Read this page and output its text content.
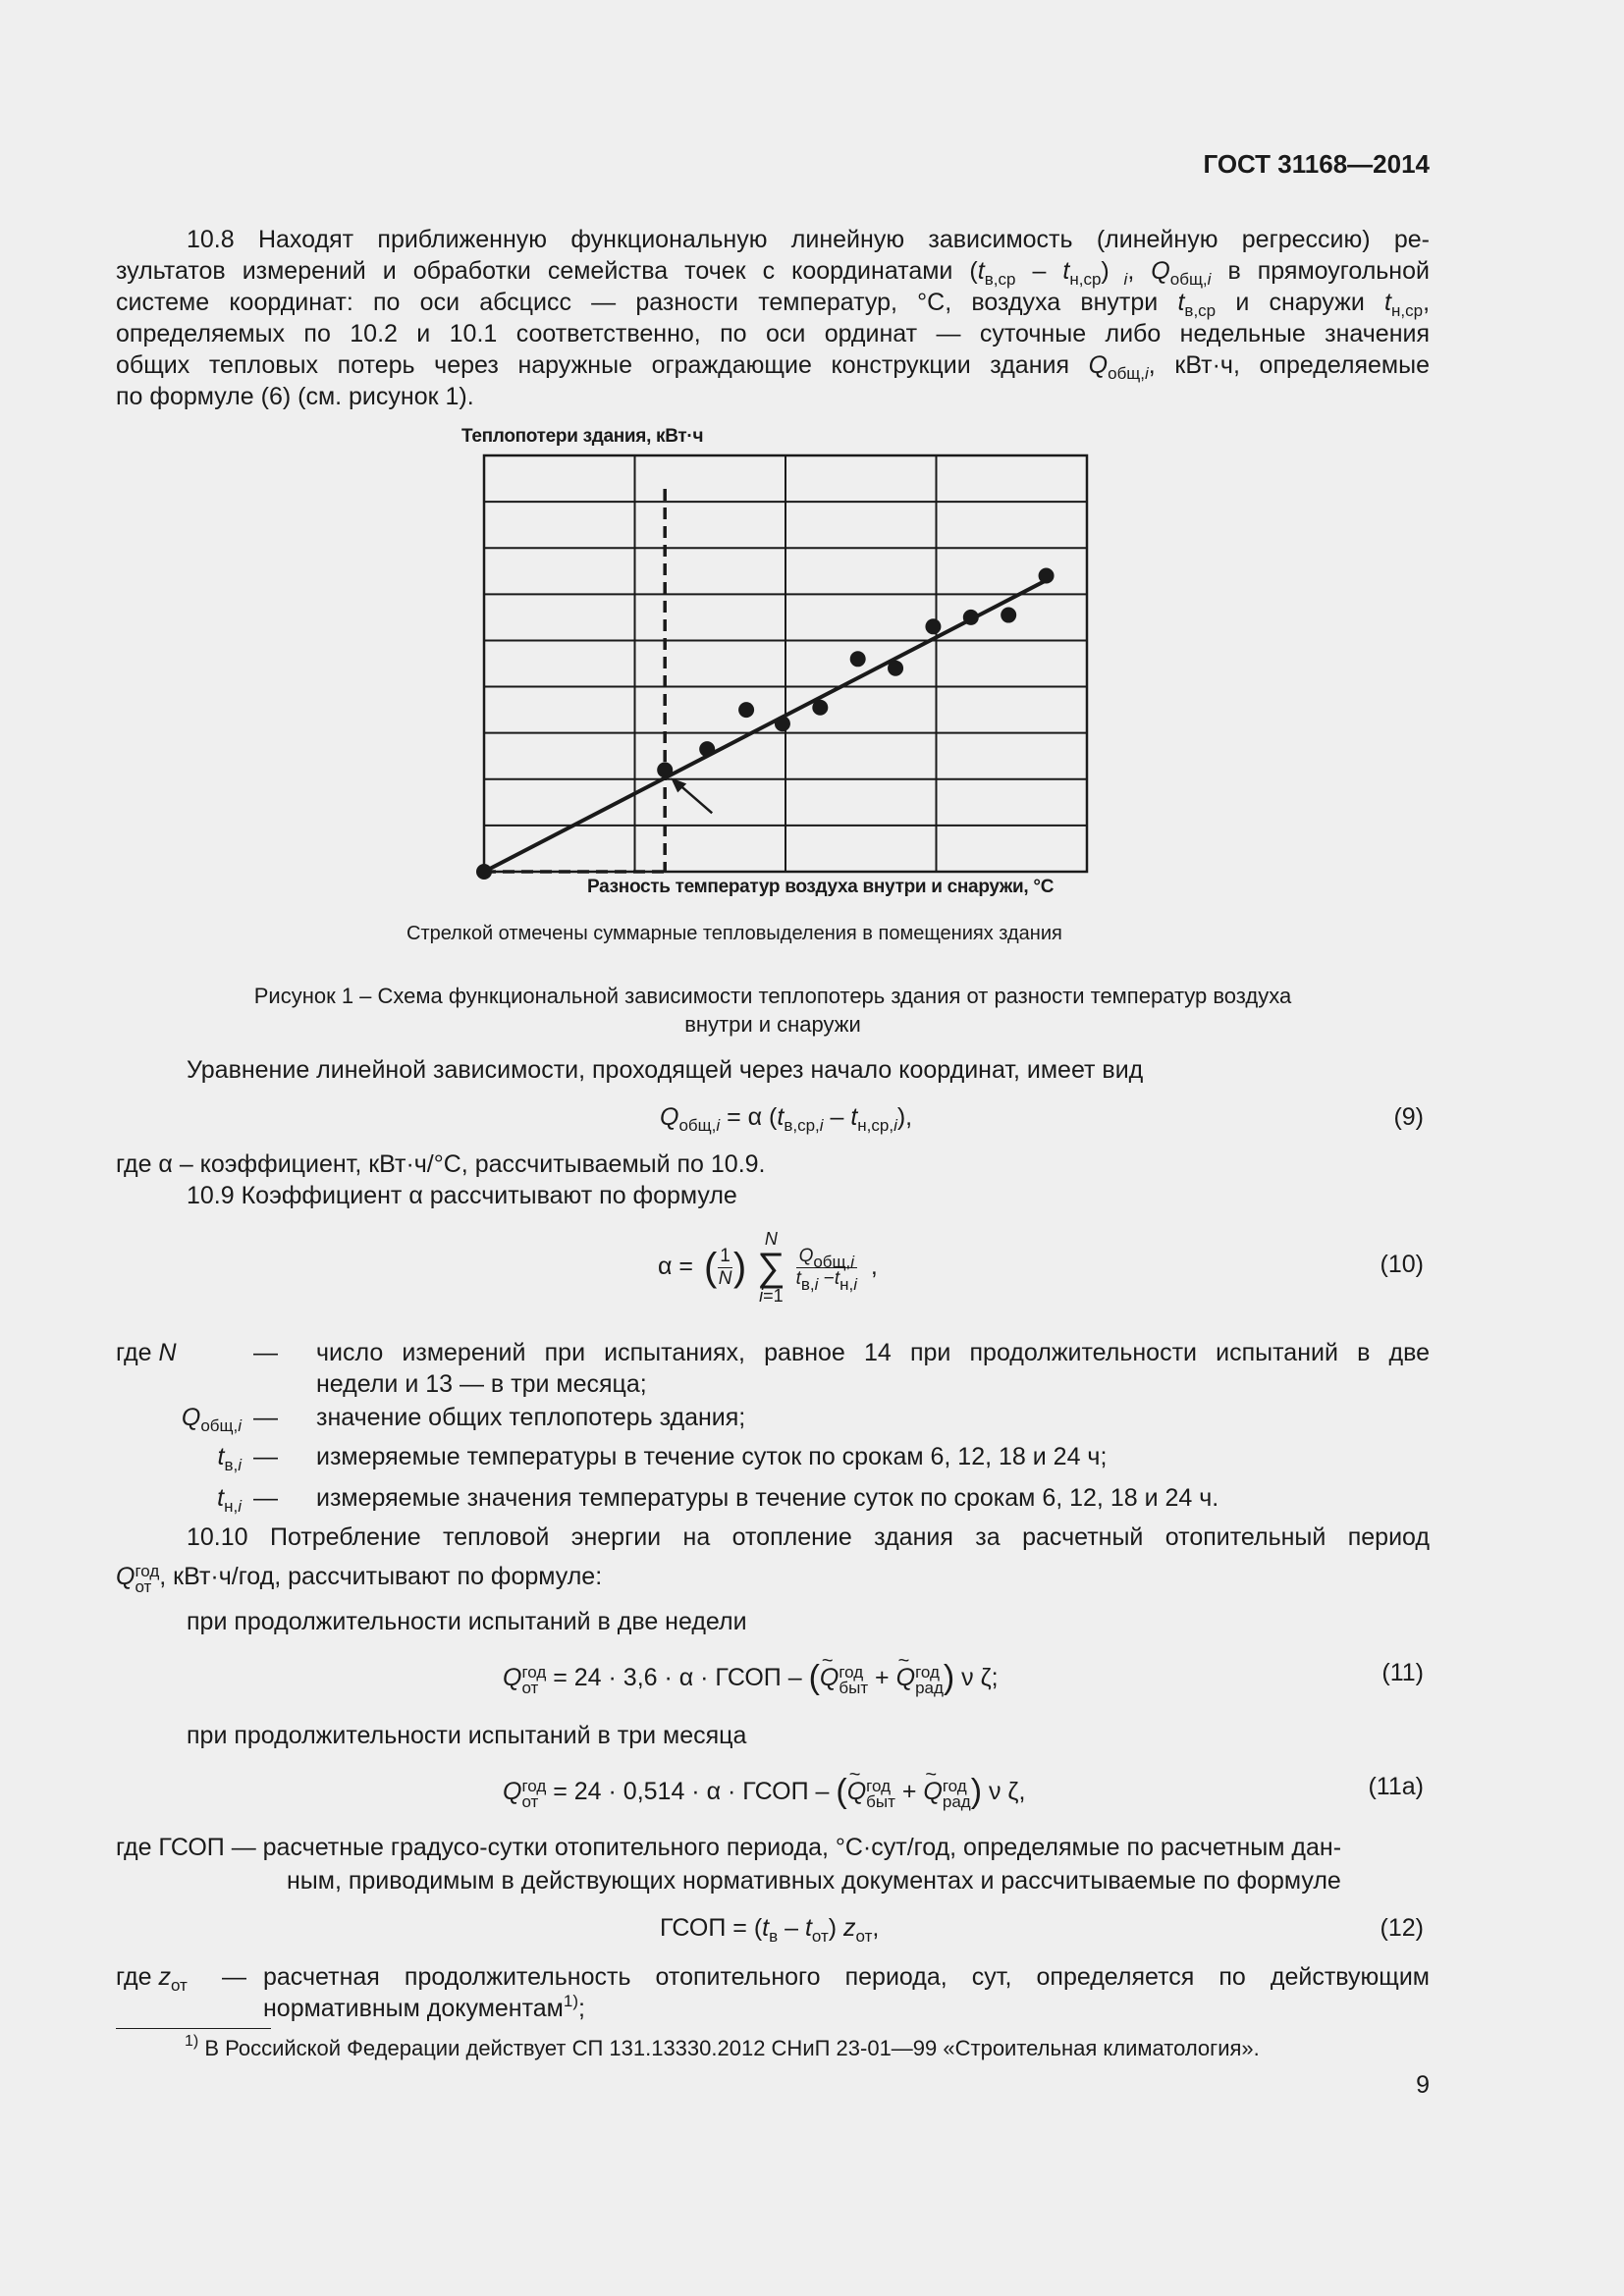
ГОСТ 31168—2014
10.8 Находят приближенную функциональную линейную зависимость (линейную регрессию) ре-
зультатов измерений и обработки семейства точек с координатами $(t_{в,ср} - t_{н,ср})$ $_i$, $Q_{общ,i}$ в прямоугольной
системе координат: по оси абсцисс — разности температур, °С, воздуха внутри $t_{в,ср}$ и снаружи $t_{н,ср}$,
определяемых по 10.2 и 10.1 соответственно, по оси ординат — суточные либо недельные значения
общих тепловых потерь через наружные ограждающие конструкции здания $Q_{общ,i}$, кВт·ч, определяемые
по формуле (6) (см. рисунок 1).
Теплопотери здания, кВт·ч
Разность температур воздуха внутри и снаружи, °С
Стрелкой отмечены суммарные тепловыделения в помещениях здания
Рисунок 1 – Схема функциональной зависимости теплопотерь здания от разности температур воздуха
внутри и снаружи
Уравнение линейной зависимости, проходящей через начало координат, имеет вид
$Q_{общ,i} = \alpha$ $(t_{в,ср,i} - t_{н,ср,i})$,	(9)
где α – коэффициент, кВт·ч/°С, рассчитываемый по 10.9.
10.9 Коэффициент α рассчитывают по формуле
α = ( $\frac{1}{N}$ )
N
∑
i=1

$\frac{Q_{общ,i}}{t_{в,i} -t_{н,i}}$ ,	(10)
где N	— число измерений при испытаниях, равное 14 при продолжительности испытаний в две
недели и 13 — в три месяца;
$Q_{общ,i}$ — значение общих теплопотерь здания;
$t_{в,i}$ — измеряемые температуры в течение суток по срокам 6, 12, 18 и 24 ч;
$t_{н,i}$ — измеряемые значения температуры в течение суток по срокам 6, 12, 18 и 24 ч.
10.10 Потребление тепловой энергии на отопление здания за расчетный отопительный период
Qгод
от , кВт·ч/год, рассчитывают по формуле:
при продолжительности испытаний в две недели
Qгод
от = 24 · 3,6 · α · ГСОП – (~ Qгод
быт + ~ Qгод
рад) ν ζ;	(11)
при продолжительности испытаний в три месяца
Qгод
от = 24 · 0,514 · α · ГСОП – (~ Qгод
быт + ~ Qгод
рад) ν ζ,	(11а)
где ГСОП — расчетные градусо-сутки отопительного периода, °С·сут/год, определямые по расчетным дан-
ным, приводимым в действующих нормативных документах и рассчитываемые по формуле
ГСОП = $(t_в - t_{от})$ $z_{от}$,	(12)
где $z_{от}$ — расчетная продолжительность отопительного периода, сут, определяется по действующим
нормативным документам$^{1)}$;
$^{1)}$ В Российской Федерации действует СП 131.13330.2012 СНиП 23-01—99 «Строительная климатология».
9
